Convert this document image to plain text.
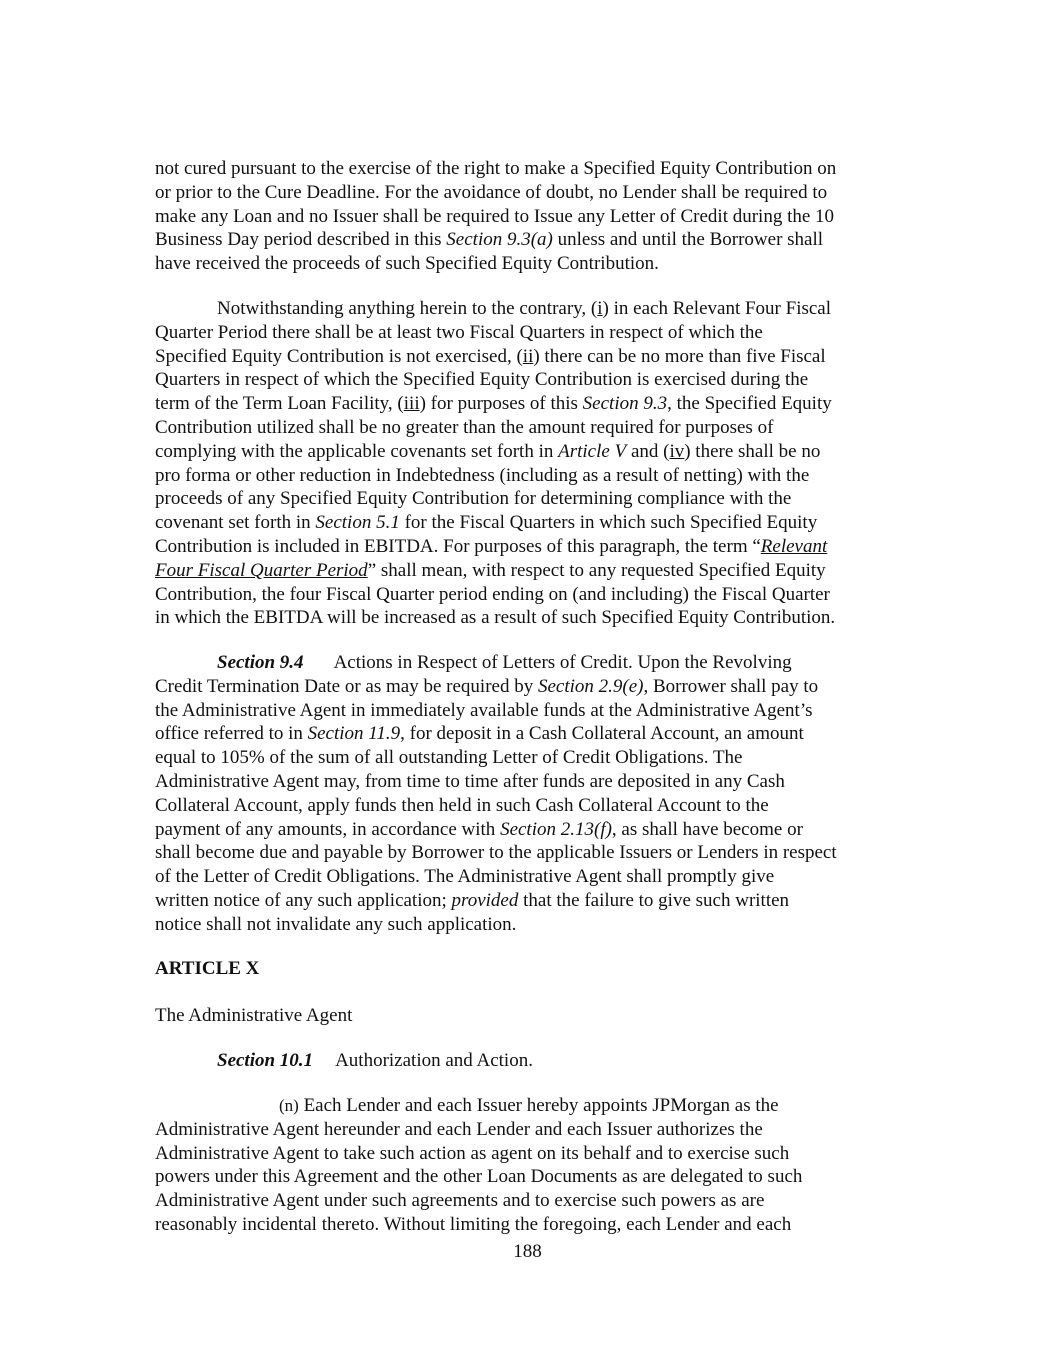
not cured pursuant to the exercise of the right to make a Specified Equity Contribution on
or prior to the Cure Deadline. For the avoidance of doubt, no Lender shall be required to
make any Loan and no Issuer shall be required to Issue any Letter of Credit during the 10
Business Day period described in this Section 9.3(a) unless and until the Borrower shall
have received the proceeds of such Specified Equity Contribution.
Notwithstanding anything herein to the contrary, (i) in each Relevant Four Fiscal
Quarter Period there shall be at least two Fiscal Quarters in respect of which the
Specified Equity Contribution is not exercised, (ii) there can be no more than five Fiscal
Quarters in respect of which the Specified Equity Contribution is exercised during the
term of the Term Loan Facility, (iii) for purposes of this Section 9.3, the Specified Equity
Contribution utilized shall be no greater than the amount required for purposes of
complying with the applicable covenants set forth in Article V and (iv) there shall be no
pro forma or other reduction in Indebtedness (including as a result of netting) with the
proceeds of any Specified Equity Contribution for determining compliance with the
covenant set forth in Section 5.1 for the Fiscal Quarters in which such Specified Equity
Contribution is included in EBITDA. For purposes of this paragraph, the term “Relevant
Four Fiscal Quarter Period” shall mean, with respect to any requested Specified Equity
Contribution, the four Fiscal Quarter period ending on (and including) the Fiscal Quarter
in which the EBITDA will be increased as a result of such Specified Equity Contribution.
Section 9.4 Actions in Respect of Letters of Credit. Upon the Revolving
Credit Termination Date or as may be required by Section 2.9(e), Borrower shall pay to
the Administrative Agent in immediately available funds at the Administrative Agent’s
office referred to in Section 11.9, for deposit in a Cash Collateral Account, an amount
equal to 105% of the sum of all outstanding Letter of Credit Obligations. The
Administrative Agent may, from time to time after funds are deposited in any Cash
Collateral Account, apply funds then held in such Cash Collateral Account to the
payment of any amounts, in accordance with Section 2.13(f), as shall have become or
shall become due and payable by Borrower to the applicable Issuers or Lenders in respect
of the Letter of Credit Obligations. The Administrative Agent shall promptly give
written notice of any such application; provided that the failure to give such written
notice shall not invalidate any such application.
ARTICLE X
The Administrative Agent
Section 10.1 Authorization and Action.
(n) Each Lender and each Issuer hereby appoints JPMorgan as the
Administrative Agent hereunder and each Lender and each Issuer authorizes the
Administrative Agent to take such action as agent on its behalf and to exercise such
powers under this Agreement and the other Loan Documents as are delegated to such
Administrative Agent under such agreements and to exercise such powers as are
reasonably incidental thereto. Without limiting the foregoing, each Lender and each
188
